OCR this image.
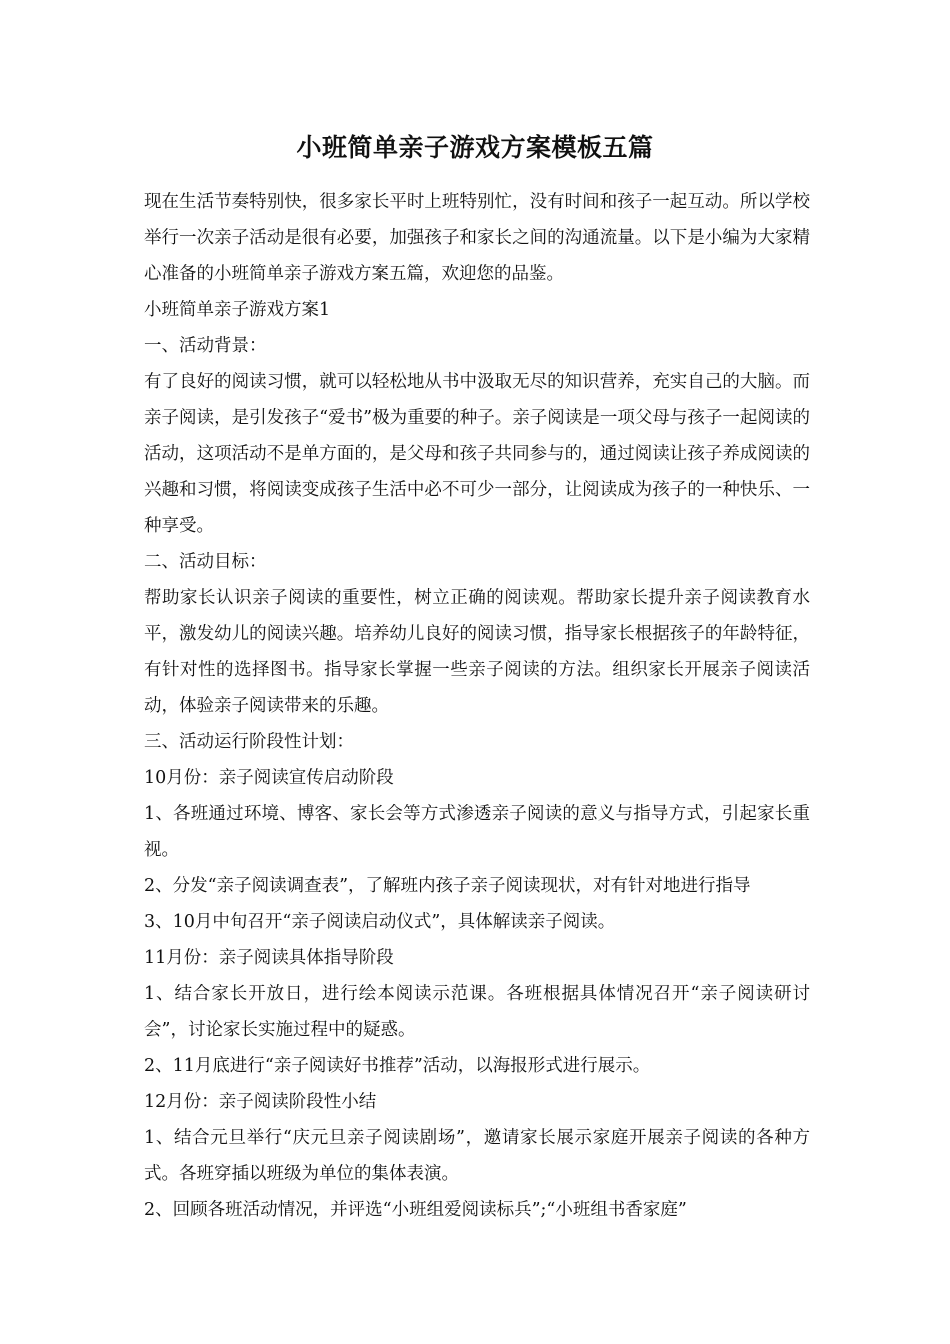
小班简单亲子游戏方案模板五篇

现在生活节奏特别快，很多家长平时上班特别忙，没有时间和孩子一起互动。所以学校举行一次亲子活动是很有必要，加强孩子和家长之间的沟通流量。以下是小编为大家精心准备的小班简单亲子游戏方案五篇，欢迎您的品鉴。

小班简单亲子游戏方案1

一、活动背景：

有了良好的阅读习惯，就可以轻松地从书中汲取无尽的知识营养，充实自己的大脑。而亲子阅读，是引发孩子“爱书”极为重要的种子。亲子阅读是一项父母与孩子一起阅读的活动，这项活动不是单方面的，是父母和孩子共同参与的，通过阅读让孩子养成阅读的兴趣和习惯，将阅读变成孩子生活中必不可少一部分，让阅读成为孩子的一种快乐、一种享受。

二、活动目标：

帮助家长认识亲子阅读的重要性，树立正确的阅读观。帮助家长提升亲子阅读教育水平，激发幼儿的阅读兴趣。培养幼儿良好的阅读习惯，指导家长根据孩子的年龄特征，有针对性的选择图书。指导家长掌握一些亲子阅读的方法。组织家长开展亲子阅读活动，体验亲子阅读带来的乐趣。

三、活动运行阶段性计划：

10月份：亲子阅读宣传启动阶段

1、各班通过环境、博客、家长会等方式渗透亲子阅读的意义与指导方式，引起家长重视。

2、分发“亲子阅读调查表”，了解班内孩子亲子阅读现状，对有针对地进行指导

3、10月中旬召开“亲子阅读启动仪式”，具体解读亲子阅读。

11月份：亲子阅读具体指导阶段

1、结合家长开放日，进行绘本阅读示范课。各班根据具体情况召开“亲子阅读研讨会”，讨论家长实施过程中的疑惑。

2、11月底进行“亲子阅读好书推荐”活动，以海报形式进行展示。

12月份：亲子阅读阶段性小结

1、结合元旦举行“庆元旦亲子阅读剧场”，邀请家长展示家庭开展亲子阅读的各种方式。各班穿插以班级为单位的集体表演。

2、回顾各班活动情况，并评选“小班组爱阅读标兵”;“小班组书香家庭”
